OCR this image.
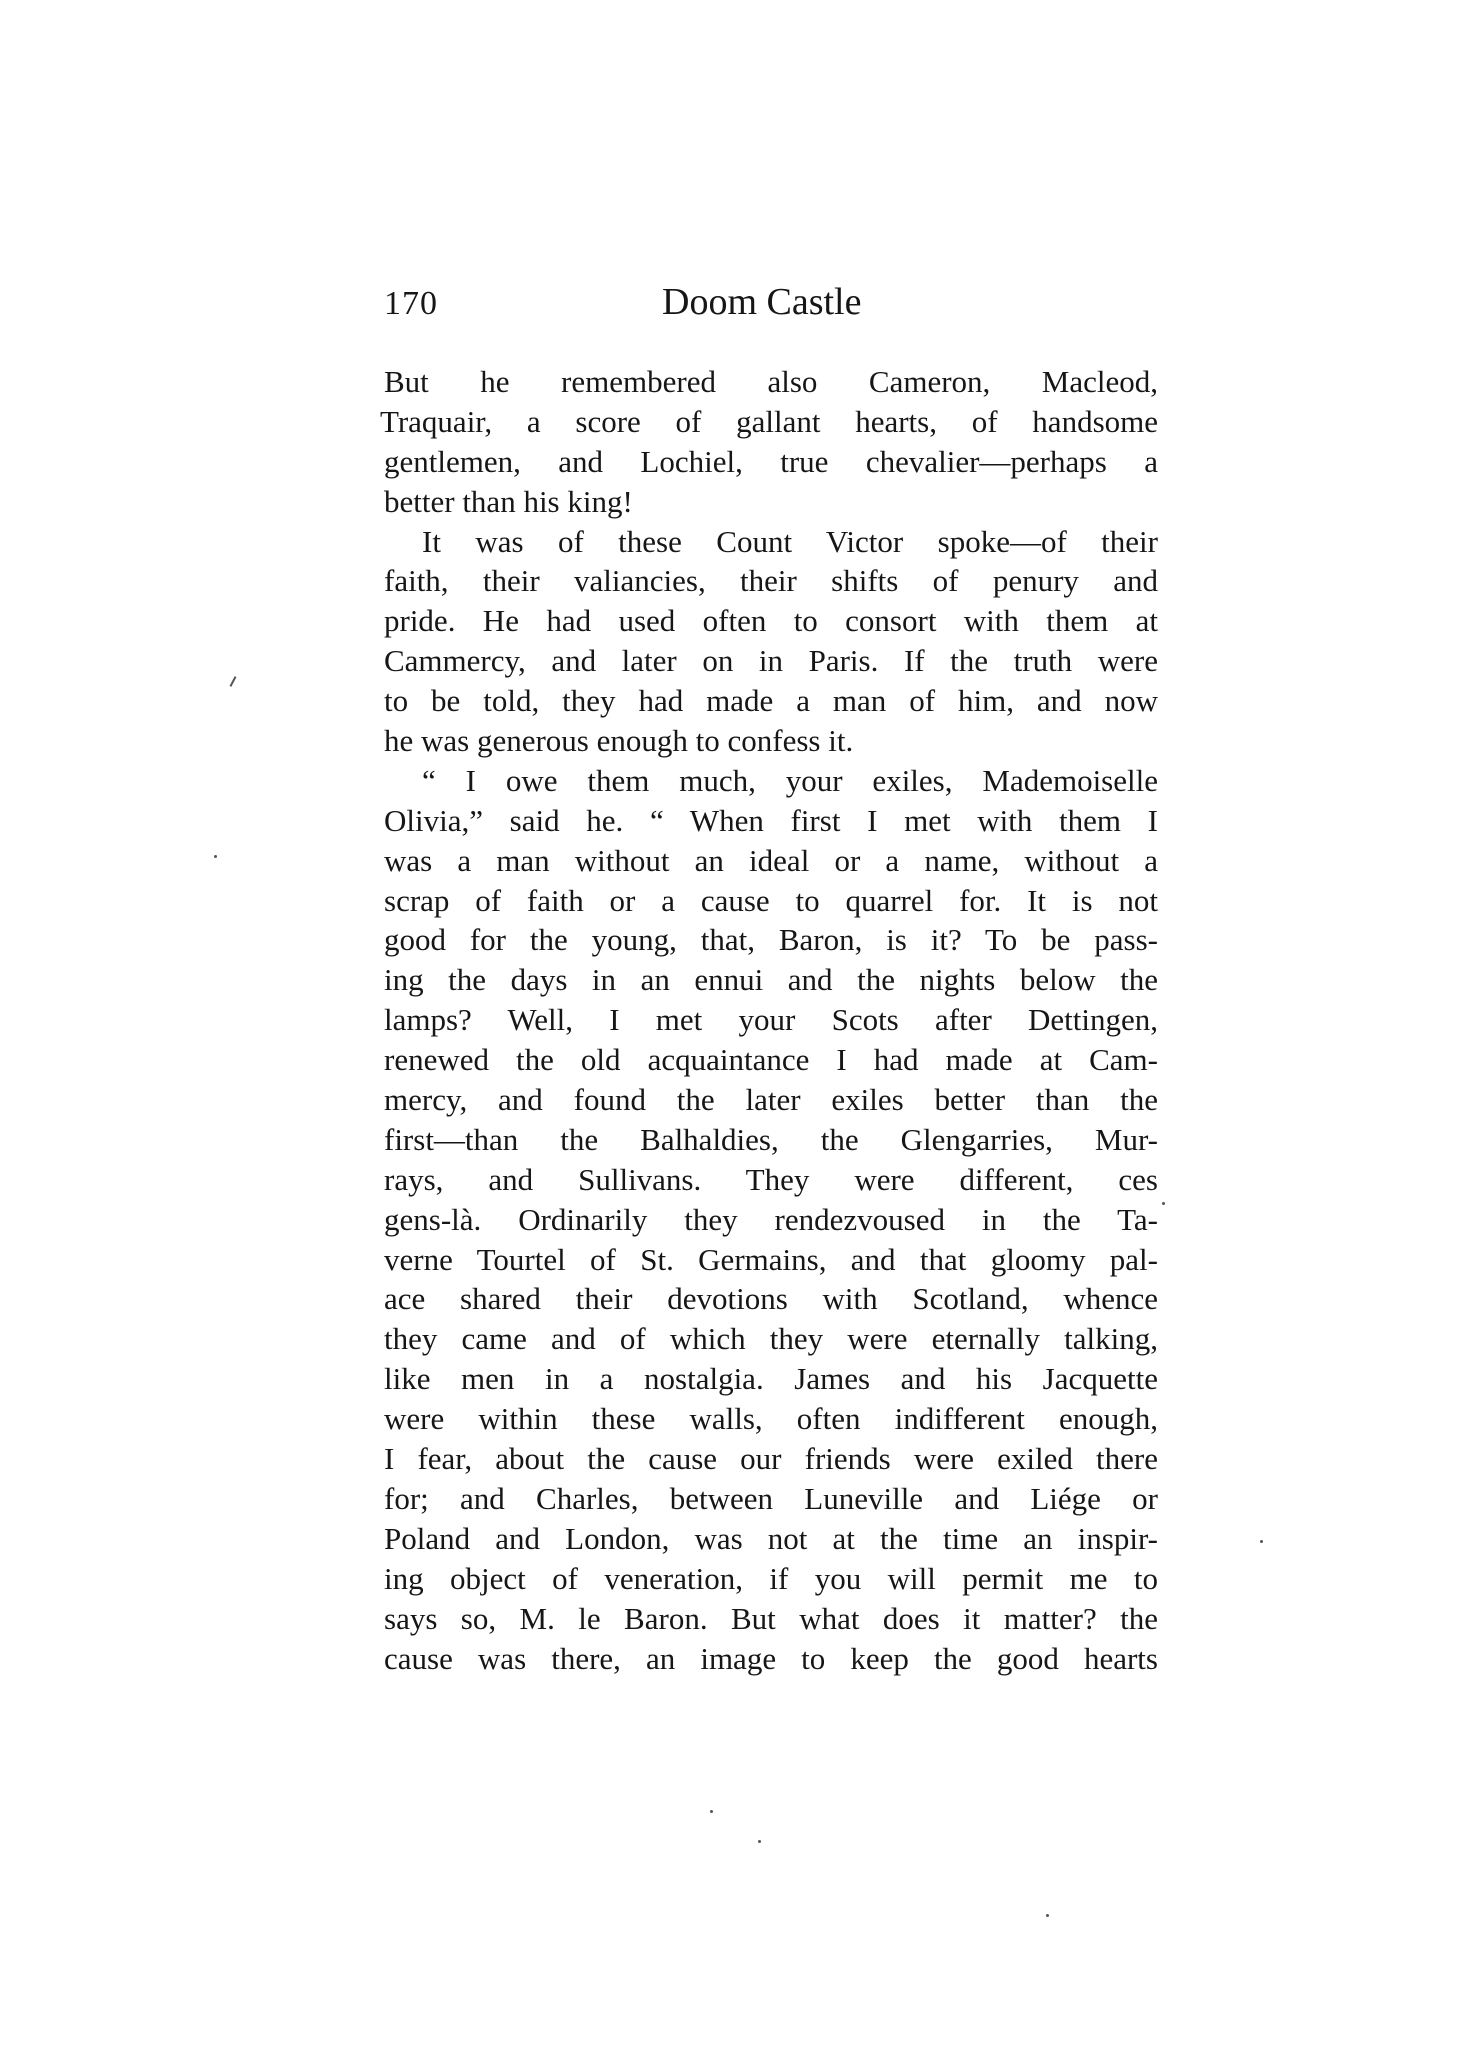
170	Doom Castle
But he remembered also Cameron, Macleod,
Traquair, a score of gallant hearts, of handsome
gentlemen, and Lochiel, true chevalier—perhaps a
better than his king!
It was of these Count Victor spoke—of their
faith, their valiancies, their shifts of penury and
pride. He had used often to consort with them at
Cammercy, and later on in Paris. If the truth were
to be told, they had made a man of him, and now
he was generous enough to confess it.
“ I owe them much, your exiles, Mademoiselle
Olivia,” said he. “ When first I met with them I
was a man without an ideal or a name, without a
scrap of faith or a cause to quarrel for. It is not
good for the young, that, Baron, is it? To be pass-
ing the days in an ennui and the nights below the
lamps? Well, I met your Scots after Dettingen,
renewed the old acquaintance I had made at Cam-
mercy, and found the later exiles better than the
first—than the Balhaldies, the Glengarries, Mur-
rays, and Sullivans. They were different, ces
gens-là. Ordinarily they rendezvoused in the Ta-
verne Tourtel of St. Germains, and that gloomy pal-
ace shared their devotions with Scotland, whence
they came and of which they were eternally talking,
like men in a nostalgia. James and his Jacquette
were within these walls, often indifferent enough,
I fear, about the cause our friends were exiled there
for; and Charles, between Luneville and Liége or
Poland and London, was not at the time an inspir-
ing object of veneration, if you will permit me to
says so, M. le Baron. But what does it matter? the
cause was there, an image to keep the good hearts
